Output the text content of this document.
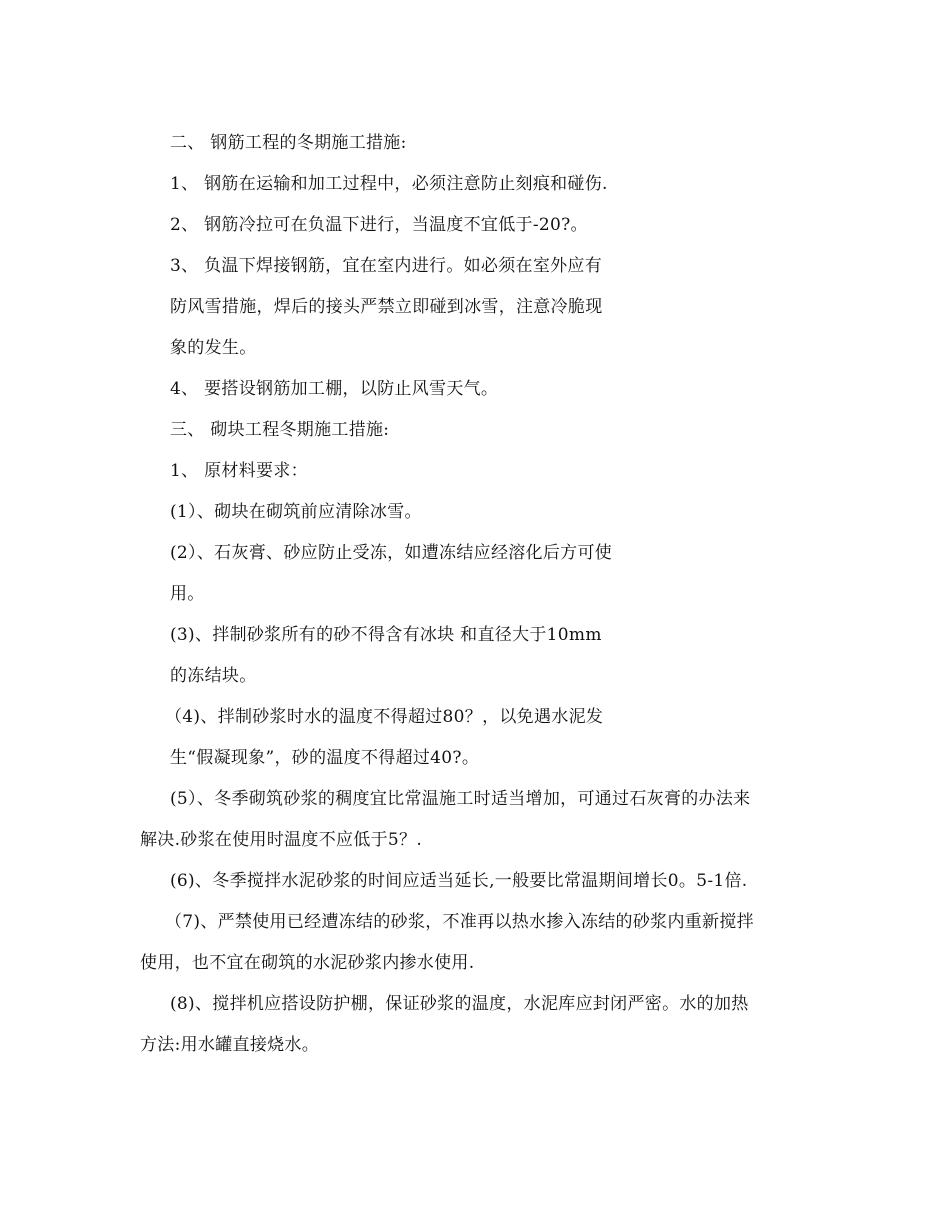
二、 钢筋工程的冬期施工措施:
1、 钢筋在运输和加工过程中，必须注意防止刻痕和碰伤.
2、 钢筋冷拉可在负温下进行，当温度不宜低于-20?。
3、 负温下焊接钢筋，宜在室内进行。如必须在室外应有
防风雪措施，焊后的接头严禁立即碰到冰雪，注意冷脆现
象的发生。
4、 要搭设钢筋加工棚，以防止风雪天气。
三、 砌块工程冬期施工措施:
1、 原材料要求：
(1）、砌块在砌筑前应清除冰雪。
(2）、石灰膏、砂应防止受冻，如遭冻结应经溶化后方可使
用。
(3)、拌制砂浆所有的砂不得含有冰块 和直径大于10mm
的冻结块。
（4)、拌制砂浆时水的温度不得超过80？，以免遇水泥发
生“假凝现象”，砂的温度不得超过40?。
(5）、冬季砌筑砂浆的稠度宜比常温施工时适当增加，可通过石灰膏的办法来
解决.砂浆在使用时温度不应低于5？.
(6)、冬季搅拌水泥砂浆的时间应适当延长,一般要比常温期间增长0。5-1倍.
（7)、严禁使用已经遭冻结的砂浆，不准再以热水掺入冻结的砂浆内重新搅拌
使用，也不宜在砌筑的水泥砂浆内掺水使用.
(8)、搅拌机应搭设防护棚，保证砂浆的温度，水泥库应封闭严密。水的加热
方法:用水罐直接烧水。
